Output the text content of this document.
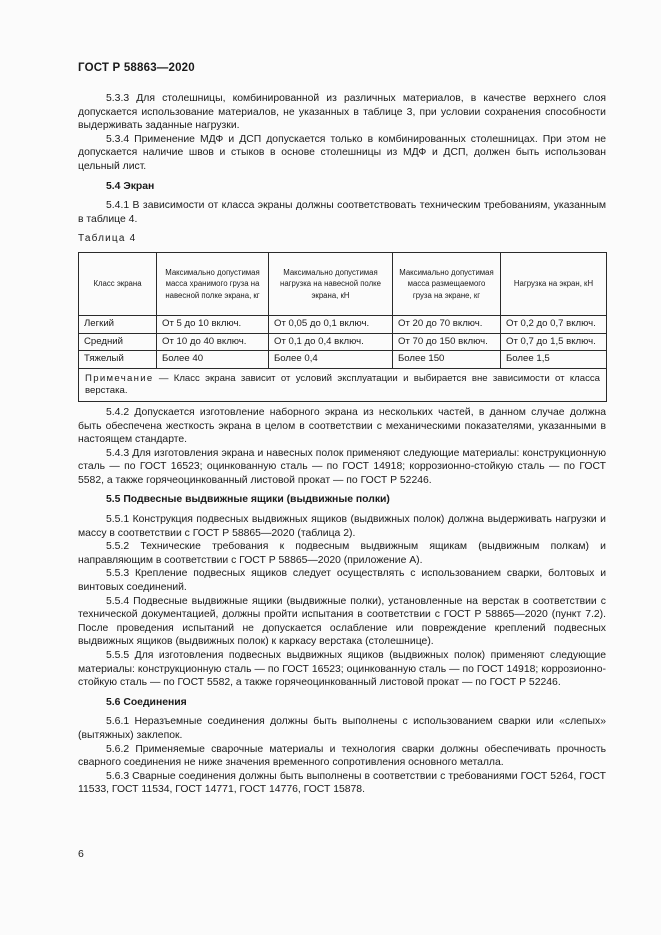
ГОСТ Р 58863—2020

5.3.3 Для столешницы, комбинированной из различных материалов, в качестве верхнего слоя допускается использование материалов, не указанных в таблице 3, при условии сохранения способности выдерживать заданные нагрузки.

5.3.4 Применение МДФ и ДСП допускается только в комбинированных столешницах. При этом не допускается наличие швов и стыков в основе столешницы из МДФ и ДСП, должен быть использован цельный лист.

5.4 Экран

5.4.1 В зависимости от класса экраны должны соответствовать техническим требованиям, указанным в таблице 4.

Таблица 4
Класс экрана	Максимально допустимая масса хранимого груза на навесной полке экрана, кг	Максимально допустимая нагрузка на навесной полке экрана, кН	Максимально допустимая масса размещаемого груза на экране, кг	Нагрузка на экран, кН
Легкий	От 5 до 10 включ.	От 0,05 до 0,1 включ.	От 20 до 70 включ.	От 0,2 до 0,7 включ.
Средний	От 10 до 40 включ.	От 0,1 до 0,4 включ.	От 70 до 150 включ.	От 0,7 до 1,5 включ.
Тяжелый	Более 40	Более 0,4	Более 150	Более 1,5
Примечание — Класс экрана зависит от условий эксплуатации и выбирается вне зависимости от класса верстака.				

5.4.2 Допускается изготовление наборного экрана из нескольких частей, в данном случае должна быть обеспечена жесткость экрана в целом в соответствии с механическими показателями, указанными в настоящем стандарте.

5.4.3 Для изготовления экрана и навесных полок применяют следующие материалы: конструкционную сталь — по ГОСТ 16523; оцинкованную сталь — по ГОСТ 14918; коррозионно-стойкую сталь — по ГОСТ 5582, а также горячеоцинкованный листовой прокат — по ГОСТ Р 52246.

5.5 Подвесные выдвижные ящики (выдвижные полки)

5.5.1 Конструкция подвесных выдвижных ящиков (выдвижных полок) должна выдерживать нагрузки и массу в соответствии с ГОСТ Р 58865—2020 (таблица 2).

5.5.2 Технические требования к подвесным выдвижным ящикам (выдвижным полкам) и направляющим в соответствии с ГОСТ Р 58865—2020 (приложение А).

5.5.3 Крепление подвесных ящиков следует осуществлять с использованием сварки, болтовых и винтовых соединений.

5.5.4 Подвесные выдвижные ящики (выдвижные полки), установленные на верстак в соответствии с технической документацией, должны пройти испытания в соответствии с ГОСТ Р 58865—2020 (пункт 7.2). После проведения испытаний не допускается ослабление или повреждение креплений подвесных выдвижных ящиков (выдвижных полок) к каркасу верстака (столешнице).

5.5.5 Для изготовления подвесных выдвижных ящиков (выдвижных полок) применяют следующие материалы: конструкционную сталь — по ГОСТ 16523; оцинкованную сталь — по ГОСТ 14918; коррозионно-стойкую сталь — по ГОСТ 5582, а также горячеоцинкованный листовой прокат — по ГОСТ Р 52246.

5.6 Соединения

5.6.1 Неразъемные соединения должны быть выполнены с использованием сварки или «слепых» (вытяжных) заклепок.

5.6.2 Применяемые сварочные материалы и технология сварки должны обеспечивать прочность сварного соединения не ниже значения временного сопротивления основного металла.

5.6.3 Сварные соединения должны быть выполнены в соответствии с требованиями ГОСТ 5264, ГОСТ 11533, ГОСТ 11534, ГОСТ 14771, ГОСТ 14776, ГОСТ 15878.

6
